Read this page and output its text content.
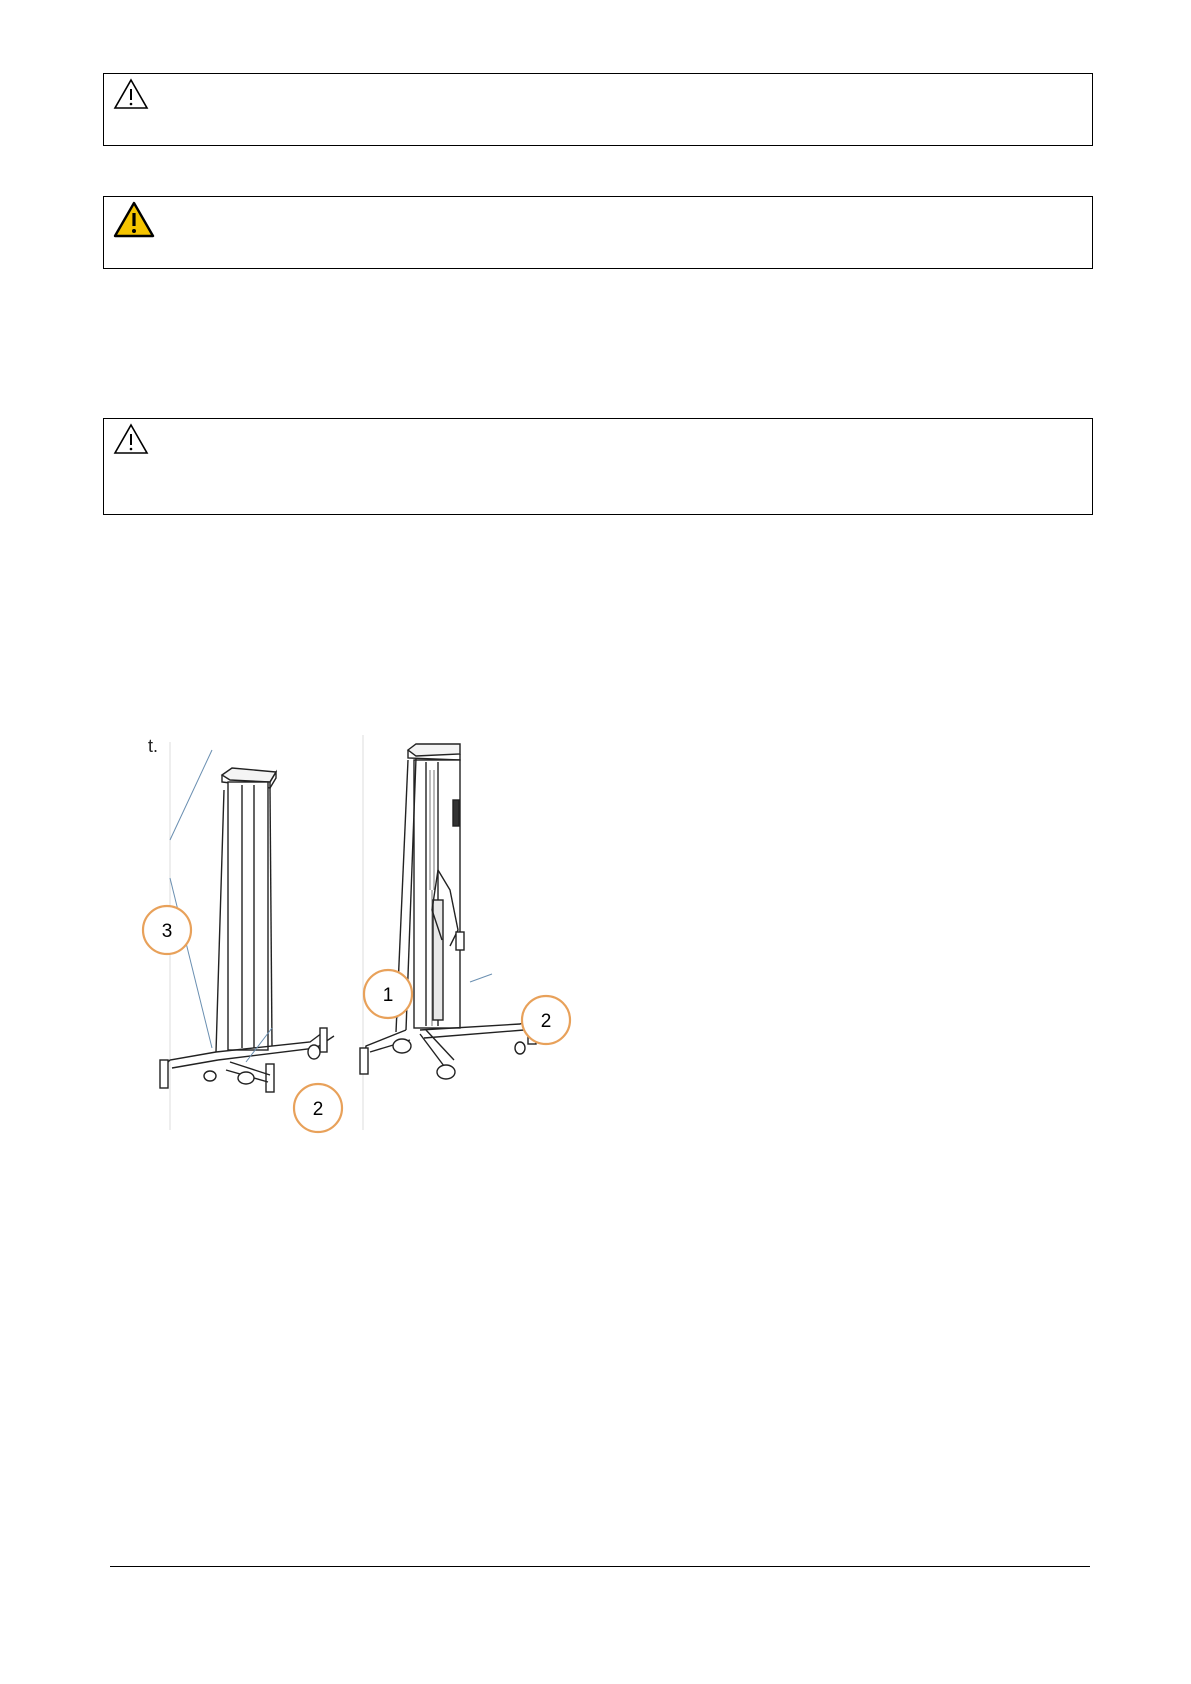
t.
3
2
1
2
